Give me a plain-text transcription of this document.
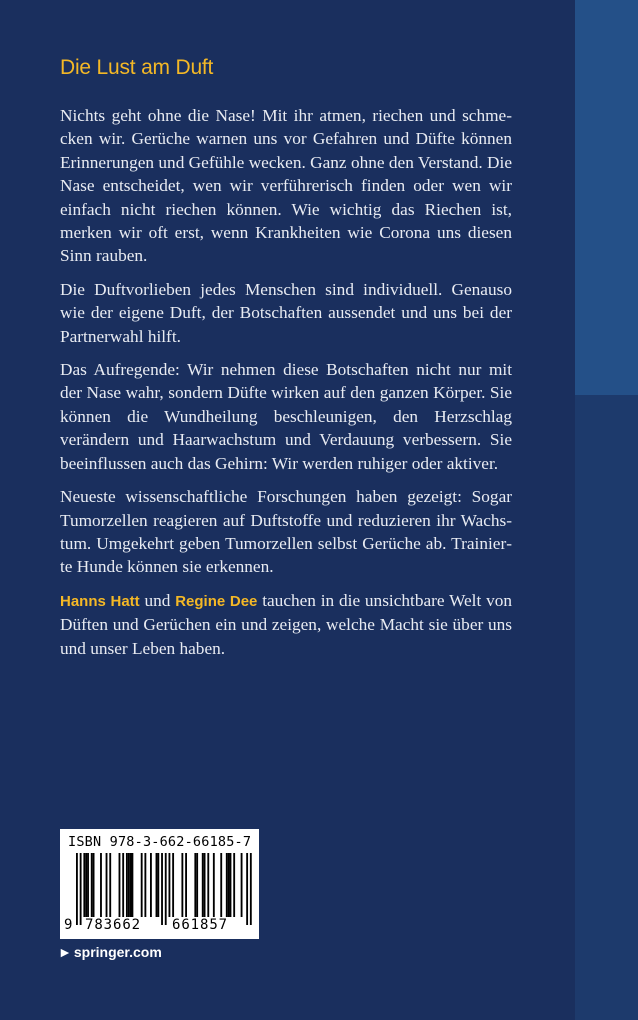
Die Lust am Duft

Nichts geht ohne die Nase! Mit ihr atmen, riechen und schmecken wir. Gerüche warnen uns vor Gefahren und Düfte können Erinnerungen und Gefühle wecken. Ganz ohne den Verstand. Die Nase entscheidet, wen wir verführerisch finden oder wen wir einfach nicht riechen können. Wie wichtig das Riechen ist, merken wir oft erst, wenn Krankheiten wie Corona uns diesen Sinn rauben.

Die Duftvorlieben jedes Menschen sind individuell. Genauso wie der eigene Duft, der Botschaften aussendet und uns bei der Partnerwahl hilft.

Das Aufregende: Wir nehmen diese Botschaften nicht nur mit der Nase wahr, sondern Düfte wirken auf den ganzen Körper. Sie können die Wundheilung beschleunigen, den Herzschlag verändern und Haarwachstum und Verdauung verbessern. Sie beeinflussen auch das Gehirn: Wir werden ruhiger oder aktiver.

Neueste wissenschaftliche Forschungen haben gezeigt: Sogar Tumorzellen reagieren auf Duftstoffe und reduzieren ihr Wachstum. Umgekehrt geben Tumorzellen selbst Gerüche ab. Trainierte Hunde können sie erkennen.

Hanns Hatt und Regine Dee tauchen in die unsichtbare Welt von Düften und Gerüchen ein und zeigen, welche Macht sie über uns und unser Leben haben.

ISBN 978-3-662-66185-7
9 783662 661857
► springer.com
